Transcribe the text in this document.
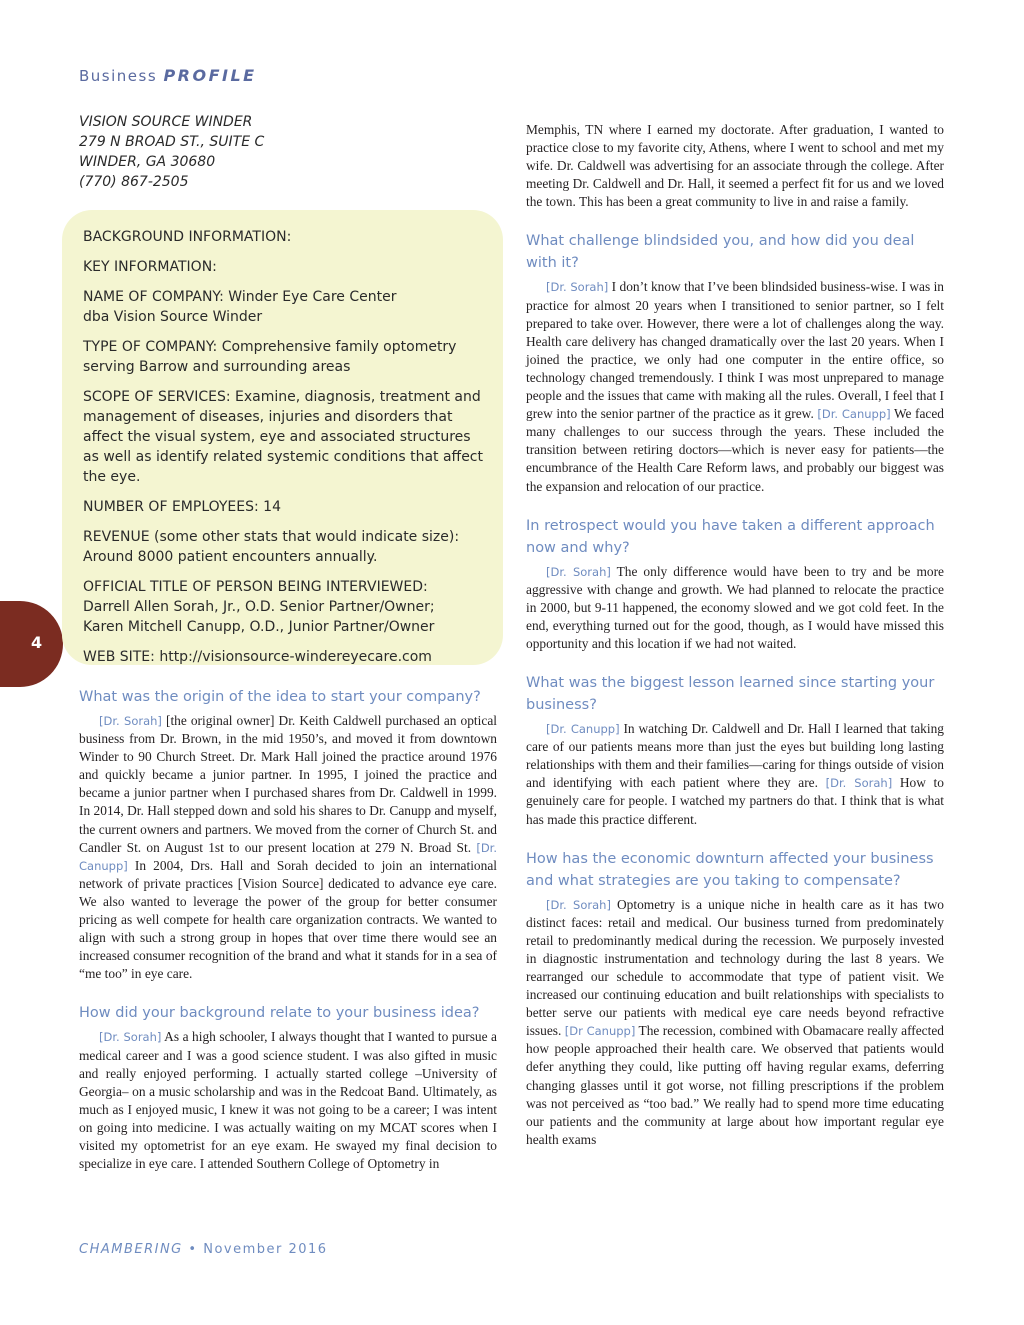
Business PROFILE
VISION SOURCE WINDER
279 N BROAD ST., SUITE C
WINDER, GA 30680
(770) 867-2505
4

BACKGROUND INFORMATION:

KEY INFORMATION:

NAME OF COMPANY: Winder Eye Care Center
dba Vision Source Winder

TYPE OF COMPANY: Comprehensive family optometry serving Barrow and surrounding areas

SCOPE OF SERVICES: Examine, diagnosis, treatment and management of diseases, injuries and disorders that affect the visual system, eye and associated structures as well as identify related systemic conditions that affect the eye.

NUMBER OF EMPLOYEES: 14

REVENUE (some other stats that would indicate size): Around 8000 patient encounters annually.

OFFICIAL TITLE OF PERSON BEING INTERVIEWED:
Darrell Allen Sorah, Jr., O.D. Senior Partner/Owner;
Karen Mitchell Canupp, O.D., Junior Partner/Owner

WEB SITE: http://visionsource-windereyecare.com

What was the origin of the idea to start your company?

[Dr. Sorah] [the original owner] Dr. Keith Caldwell purchased an optical business from Dr. Brown, in the mid 1950’s, and moved it from downtown Winder to 90 Church Street. Dr. Mark Hall joined the practice around 1976 and quickly became a junior partner. In 1995, I joined the practice and became a junior partner when I purchased shares from Dr. Caldwell in 1999. In 2014, Dr. Hall stepped down and sold his shares to Dr. Canupp and myself, the current owners and partners. We moved from the corner of Church St. and Candler St. on August 1st to our present location at 279 N. Broad St. [Dr. Canupp] In 2004, Drs. Hall and Sorah decided to join an international network of private practices [Vision Source] dedicated to advance eye care. We also wanted to leverage the power of the group for better consumer pricing as well compete for health care organization contracts. We wanted to align with such a strong group in hopes that over time there would see an increased consumer recognition of the brand and what it stands for in a sea of “me too” in eye care.

How did your background relate to your business idea?

[Dr. Sorah] As a high schooler, I always thought that I wanted to pursue a medical career and I was a good science student. I was also gifted in music and really enjoyed performing. I actually started college –University of Georgia– on a music scholarship and was in the Redcoat Band. Ultimately, as much as I enjoyed music, I knew it was not going to be a career; I was intent on going into medicine. I was actually waiting on my MCAT scores when I visited my optometrist for an eye exam. He swayed my final decision to specialize in eye care. I attended Southern College of Optometry in

Memphis, TN where I earned my doctorate. After graduation, I wanted to practice close to my favorite city, Athens, where I went to school and met my wife. Dr. Caldwell was advertising for an associate through the college. After meeting Dr. Caldwell and Dr. Hall, it seemed a perfect fit for us and we loved the town. This has been a great community to live in and raise a family.

What challenge blindsided you, and how did you deal with it?

[Dr. Sorah] I don’t know that I’ve been blindsided business-wise. I was in practice for almost 20 years when I transitioned to senior partner, so I felt prepared to take over. However, there were a lot of challenges along the way. Health care delivery has changed dramatically over the last 20 years. When I joined the practice, we only had one computer in the entire office, so technology changed tremendously. I think I was most unprepared to manage people and the issues that came with making all the rules. Overall, I feel that I grew into the senior partner of the practice as it grew. [Dr. Canupp] We faced many challenges to our success through the years. These included the transition between retiring doctors—which is never easy for patients—the encumbrance of the Health Care Reform laws, and probably our biggest was the expansion and relocation of our practice.

In retrospect would you have taken a different approach now and why?

[Dr. Sorah] The only difference would have been to try and be more aggressive with change and growth. We had planned to relocate the practice in 2000, but 9-11 happened, the economy slowed and we got cold feet. In the end, everything turned out for the good, though, as I would have missed this opportunity and this location if we had not waited.

What was the biggest lesson learned since starting your business?

[Dr. Canupp] In watching Dr. Caldwell and Dr. Hall I learned that taking care of our patients means more than just the eyes but building long lasting relationships with them and their families—caring for things outside of vision and identifying with each patient where they are. [Dr. Sorah] How to genuinely care for people. I watched my partners do that. I think that is what has made this practice different.

How has the economic downturn affected your business and what strategies are you taking to compensate?

[Dr. Sorah] Optometry is a unique niche in health care as it has two distinct faces: retail and medical. Our business turned from predominately retail to predominantly medical during the recession. We purposely invested in diagnostic instrumentation and technology during the last 8 years. We rearranged our schedule to accommodate that type of patient visit. We increased our continuing education and built relationships with specialists to better serve our patients with medical eye care needs beyond refractive issues. [Dr Canupp] The recession, combined with Obamacare really affected how people approached their health care. We observed that patients would defer anything they could, like putting off having regular exams, deferring changing glasses until it got worse, not filling prescriptions if the problem was not perceived as “too bad.” We really had to spend more time educating our patients and the community at large about how important regular eye health exams

CHAMBERING • November 2016
